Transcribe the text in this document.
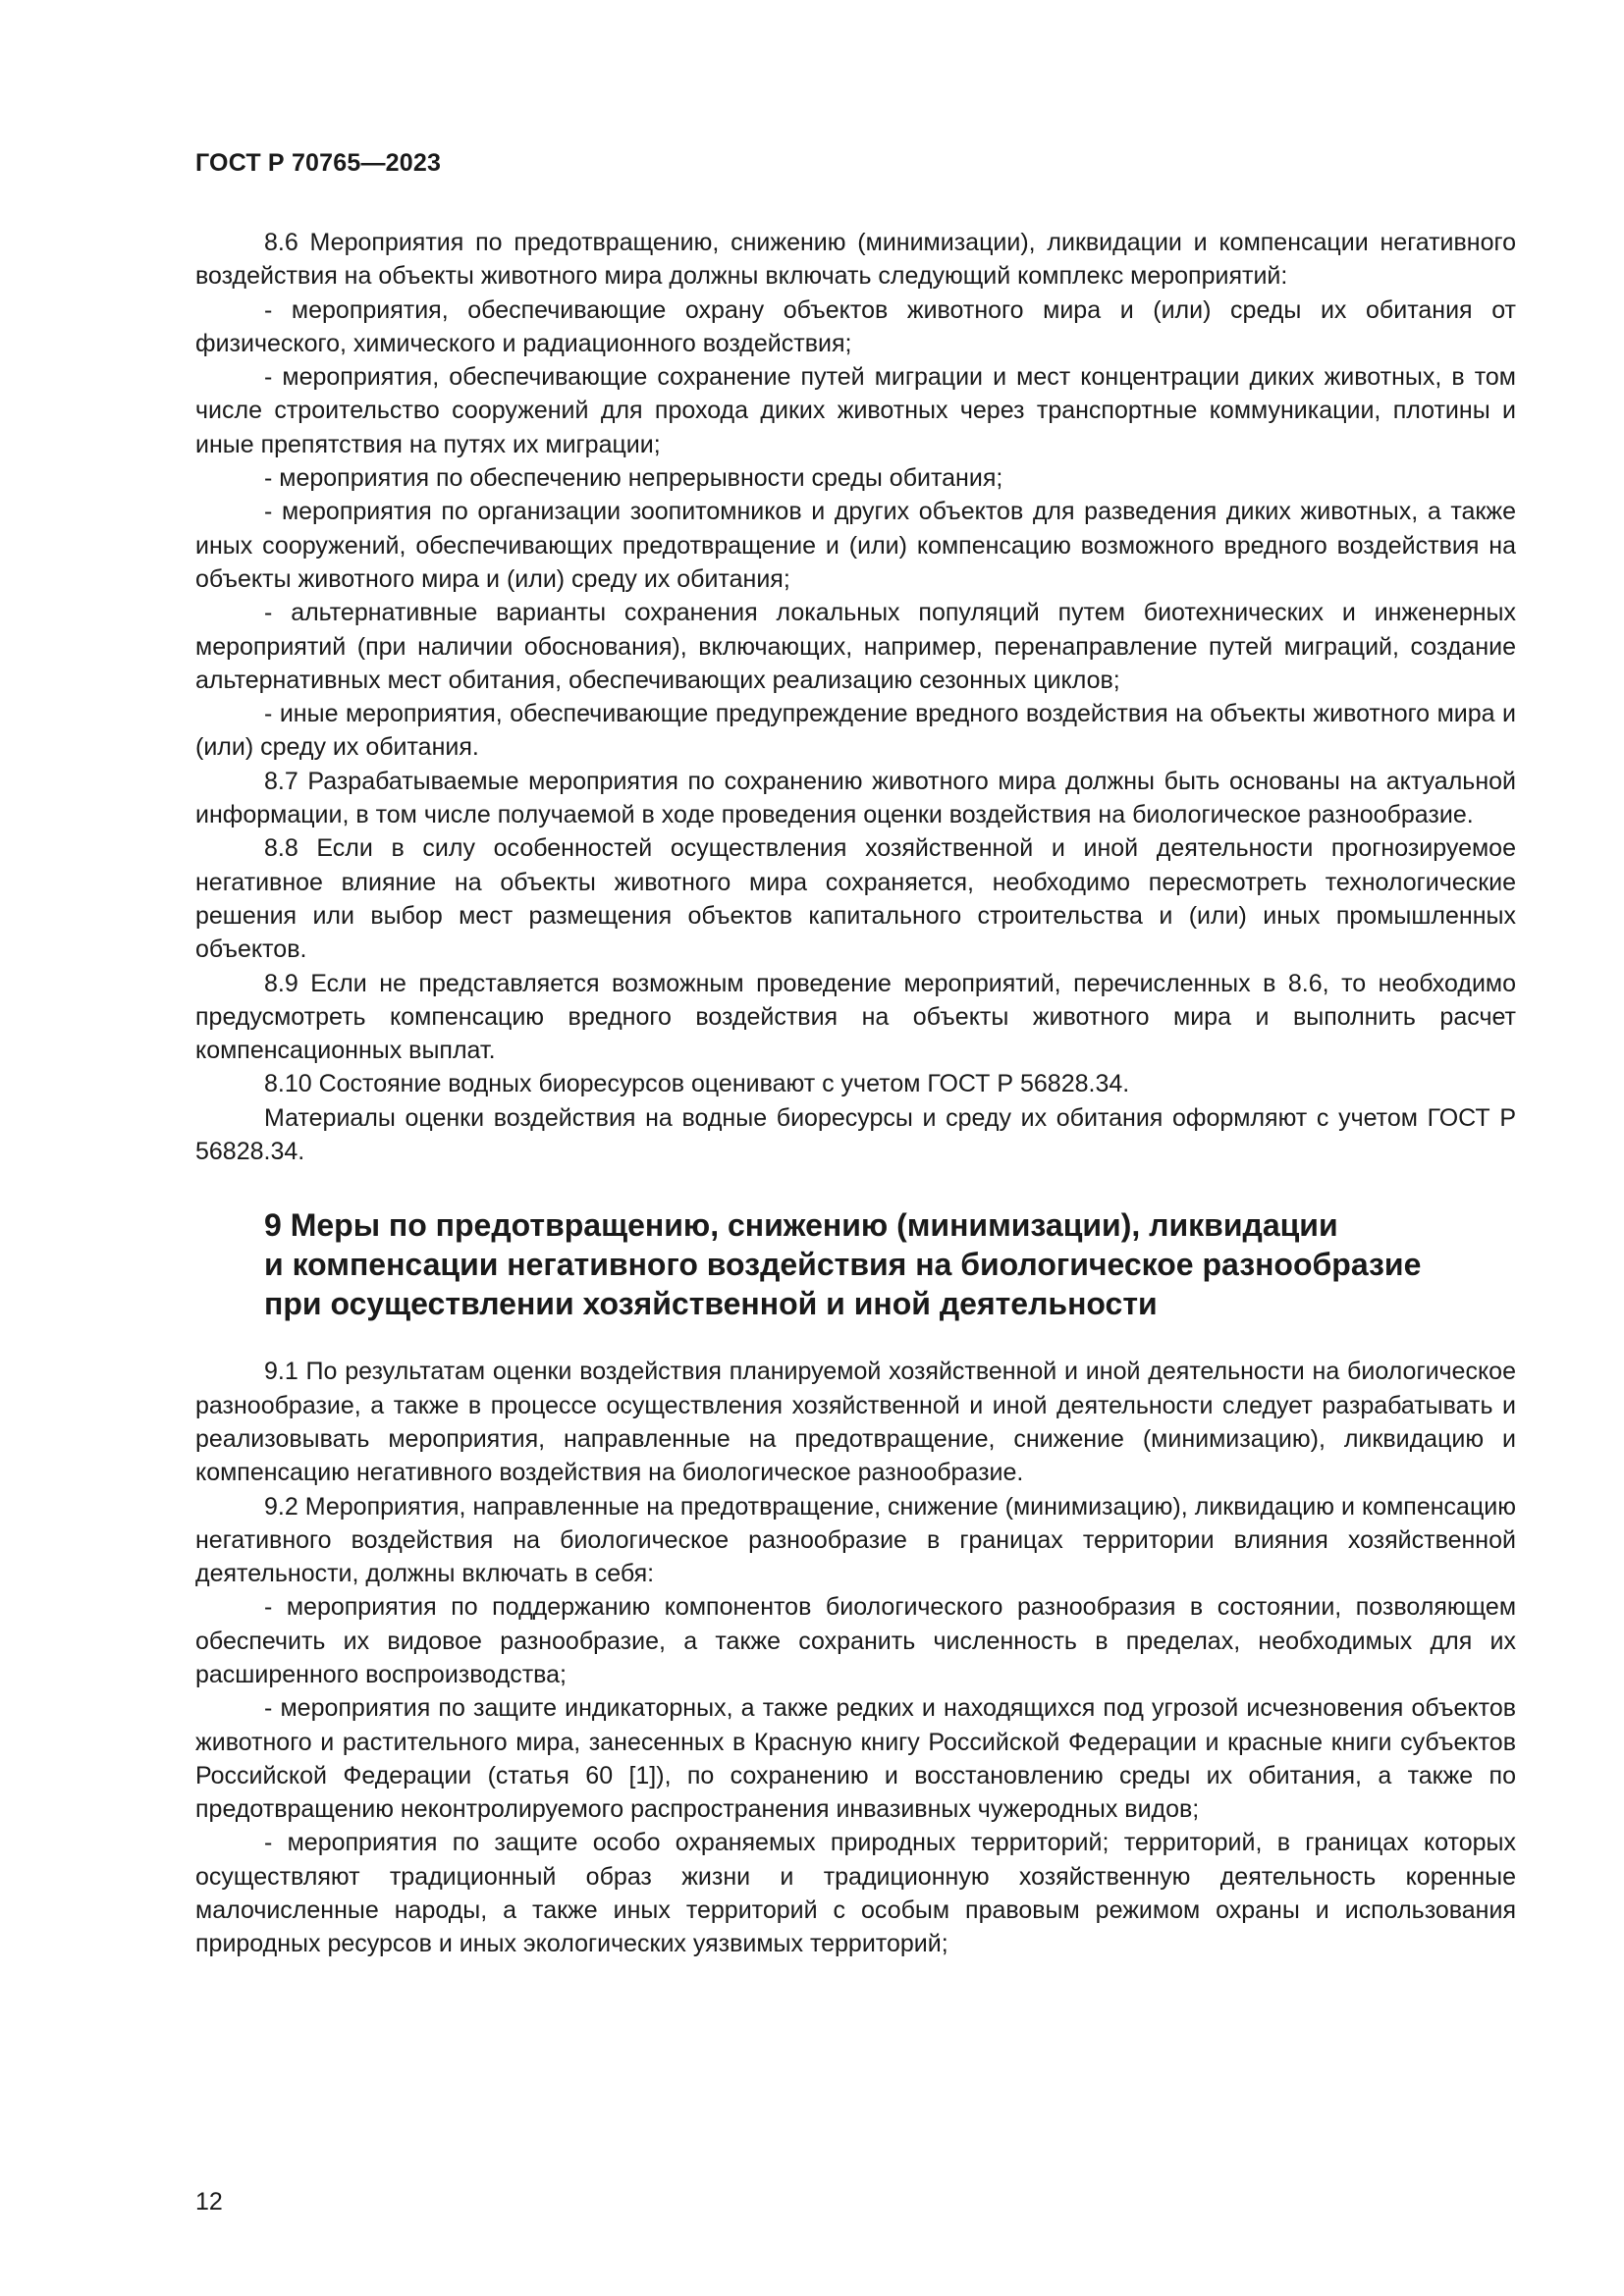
ГОСТ Р 70765—2023

8.6 Мероприятия по предотвращению, снижению (минимизации), ликвидации и компенсации негативного воздействия на объекты животного мира должны включать следующий комплекс мероприятий:

- мероприятия, обеспечивающие охрану объектов животного мира и (или) среды их обитания от физического, химического и радиационного воздействия;

- мероприятия, обеспечивающие сохранение путей миграции и мест концентрации диких животных, в том числе строительство сооружений для прохода диких животных через транспортные коммуникации, плотины и иные препятствия на путях их миграции;

- мероприятия по обеспечению непрерывности среды обитания;

- мероприятия по организации зоопитомников и других объектов для разведения диких животных, а также иных сооружений, обеспечивающих предотвращение и (или) компенсацию возможного вредного воздействия на объекты животного мира и (или) среду их обитания;

- альтернативные варианты сохранения локальных популяций путем биотехнических и инженерных мероприятий (при наличии обоснования), включающих, например, перенаправление путей миграций, создание альтернативных мест обитания, обеспечивающих реализацию сезонных циклов;

- иные мероприятия, обеспечивающие предупреждение вредного воздействия на объекты животного мира и (или) среду их обитания.

8.7 Разрабатываемые мероприятия по сохранению животного мира должны быть основаны на актуальной информации, в том числе получаемой в ходе проведения оценки воздействия на биологическое разнообразие.

8.8 Если в силу особенностей осуществления хозяйственной и иной деятельности прогнозируемое негативное влияние на объекты животного мира сохраняется, необходимо пересмотреть технологические решения или выбор мест размещения объектов капитального строительства и (или) иных промышленных объектов.

8.9 Если не представляется возможным проведение мероприятий, перечисленных в 8.6, то необходимо предусмотреть компенсацию вредного воздействия на объекты животного мира и выполнить расчет компенсационных выплат.

8.10 Состояние водных биоресурсов оценивают с учетом ГОСТ Р 56828.34.

Материалы оценки воздействия на водные биоресурсы и среду их обитания оформляют с учетом ГОСТ Р 56828.34.

9 Меры по предотвращению, снижению (минимизации), ликвидации
и компенсации негативного воздействия на биологическое разнообразие
при осуществлении хозяйственной и иной деятельности

9.1 По результатам оценки воздействия планируемой хозяйственной и иной деятельности на биологическое разнообразие, а также в процессе осуществления хозяйственной и иной деятельности следует разрабатывать и реализовывать мероприятия, направленные на предотвращение, снижение (минимизацию), ликвидацию и компенсацию негативного воздействия на биологическое разнообразие.

9.2 Мероприятия, направленные на предотвращение, снижение (минимизацию), ликвидацию и компенсацию негативного воздействия на биологическое разнообразие в границах территории влияния хозяйственной деятельности, должны включать в себя:

- мероприятия по поддержанию компонентов биологического разнообразия в состоянии, позволяющем обеспечить их видовое разнообразие, а также сохранить численность в пределах, необходимых для их расширенного воспроизводства;

- мероприятия по защите индикаторных, а также редких и находящихся под угрозой исчезновения объектов животного и растительного мира, занесенных в Красную книгу Российской Федерации и красные книги субъектов Российской Федерации (статья 60 [1]), по сохранению и восстановлению среды их обитания, а также по предотвращению неконтролируемого распространения инвазивных чужеродных видов;

- мероприятия по защите особо охраняемых природных территорий; территорий, в границах которых осуществляют традиционный образ жизни и традиционную хозяйственную деятельность коренные малочисленные народы, а также иных территорий с особым правовым режимом охраны и использования природных ресурсов и иных экологических уязвимых территорий;

12
